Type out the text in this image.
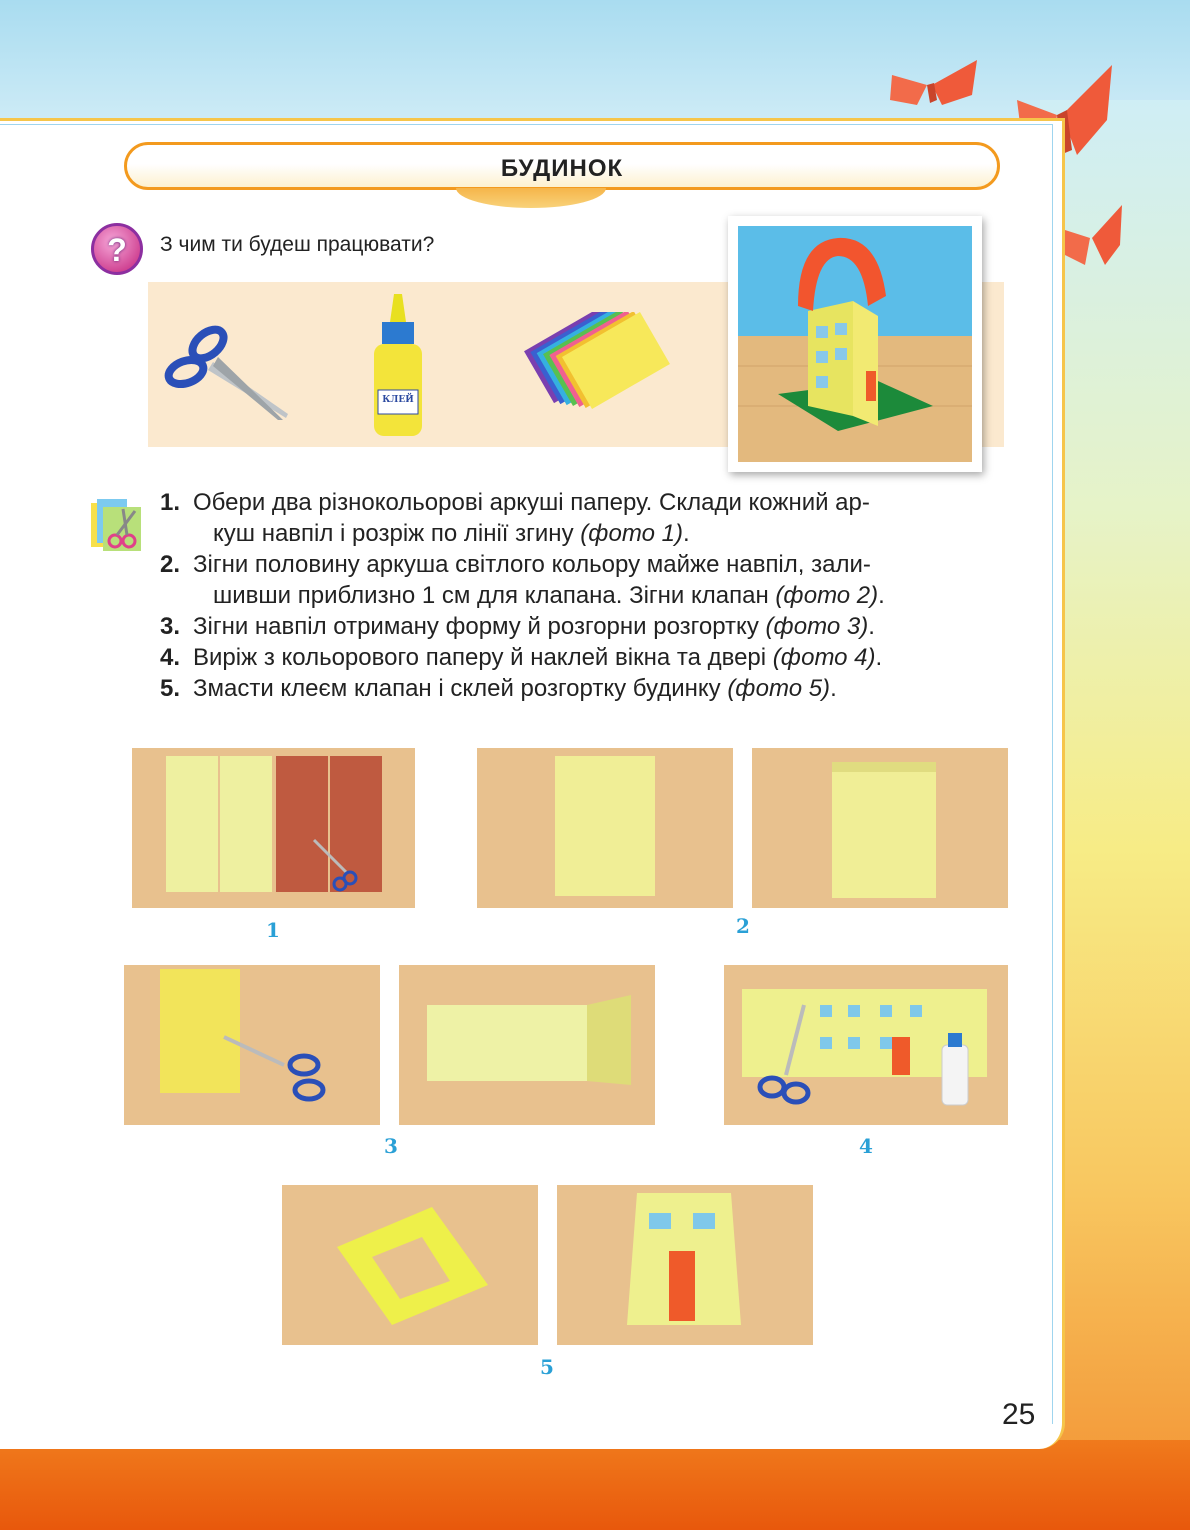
БУДИНОК
?	З чим ти будеш працювати?
КЛЕЙ
1. Обери два різнокольорові аркуші паперу. Склади кожний ар-
куш навпіл і розріж по лінії згину (фото 1).
2. Зігни половину аркуша світлого кольору майже навпіл, зали-
шивши приблизно 1 см для клапана. Зігни клапан (фото 2).
3. Зігни навпіл отриману форму й розгорни розгортку (фото 3).
4. Виріж з кольорового паперу й наклей вікна та двері (фото 4).
5. Змасти клеєм клапан і склей розгортку будинку (фото 5).
1	2
3	4
5
25
